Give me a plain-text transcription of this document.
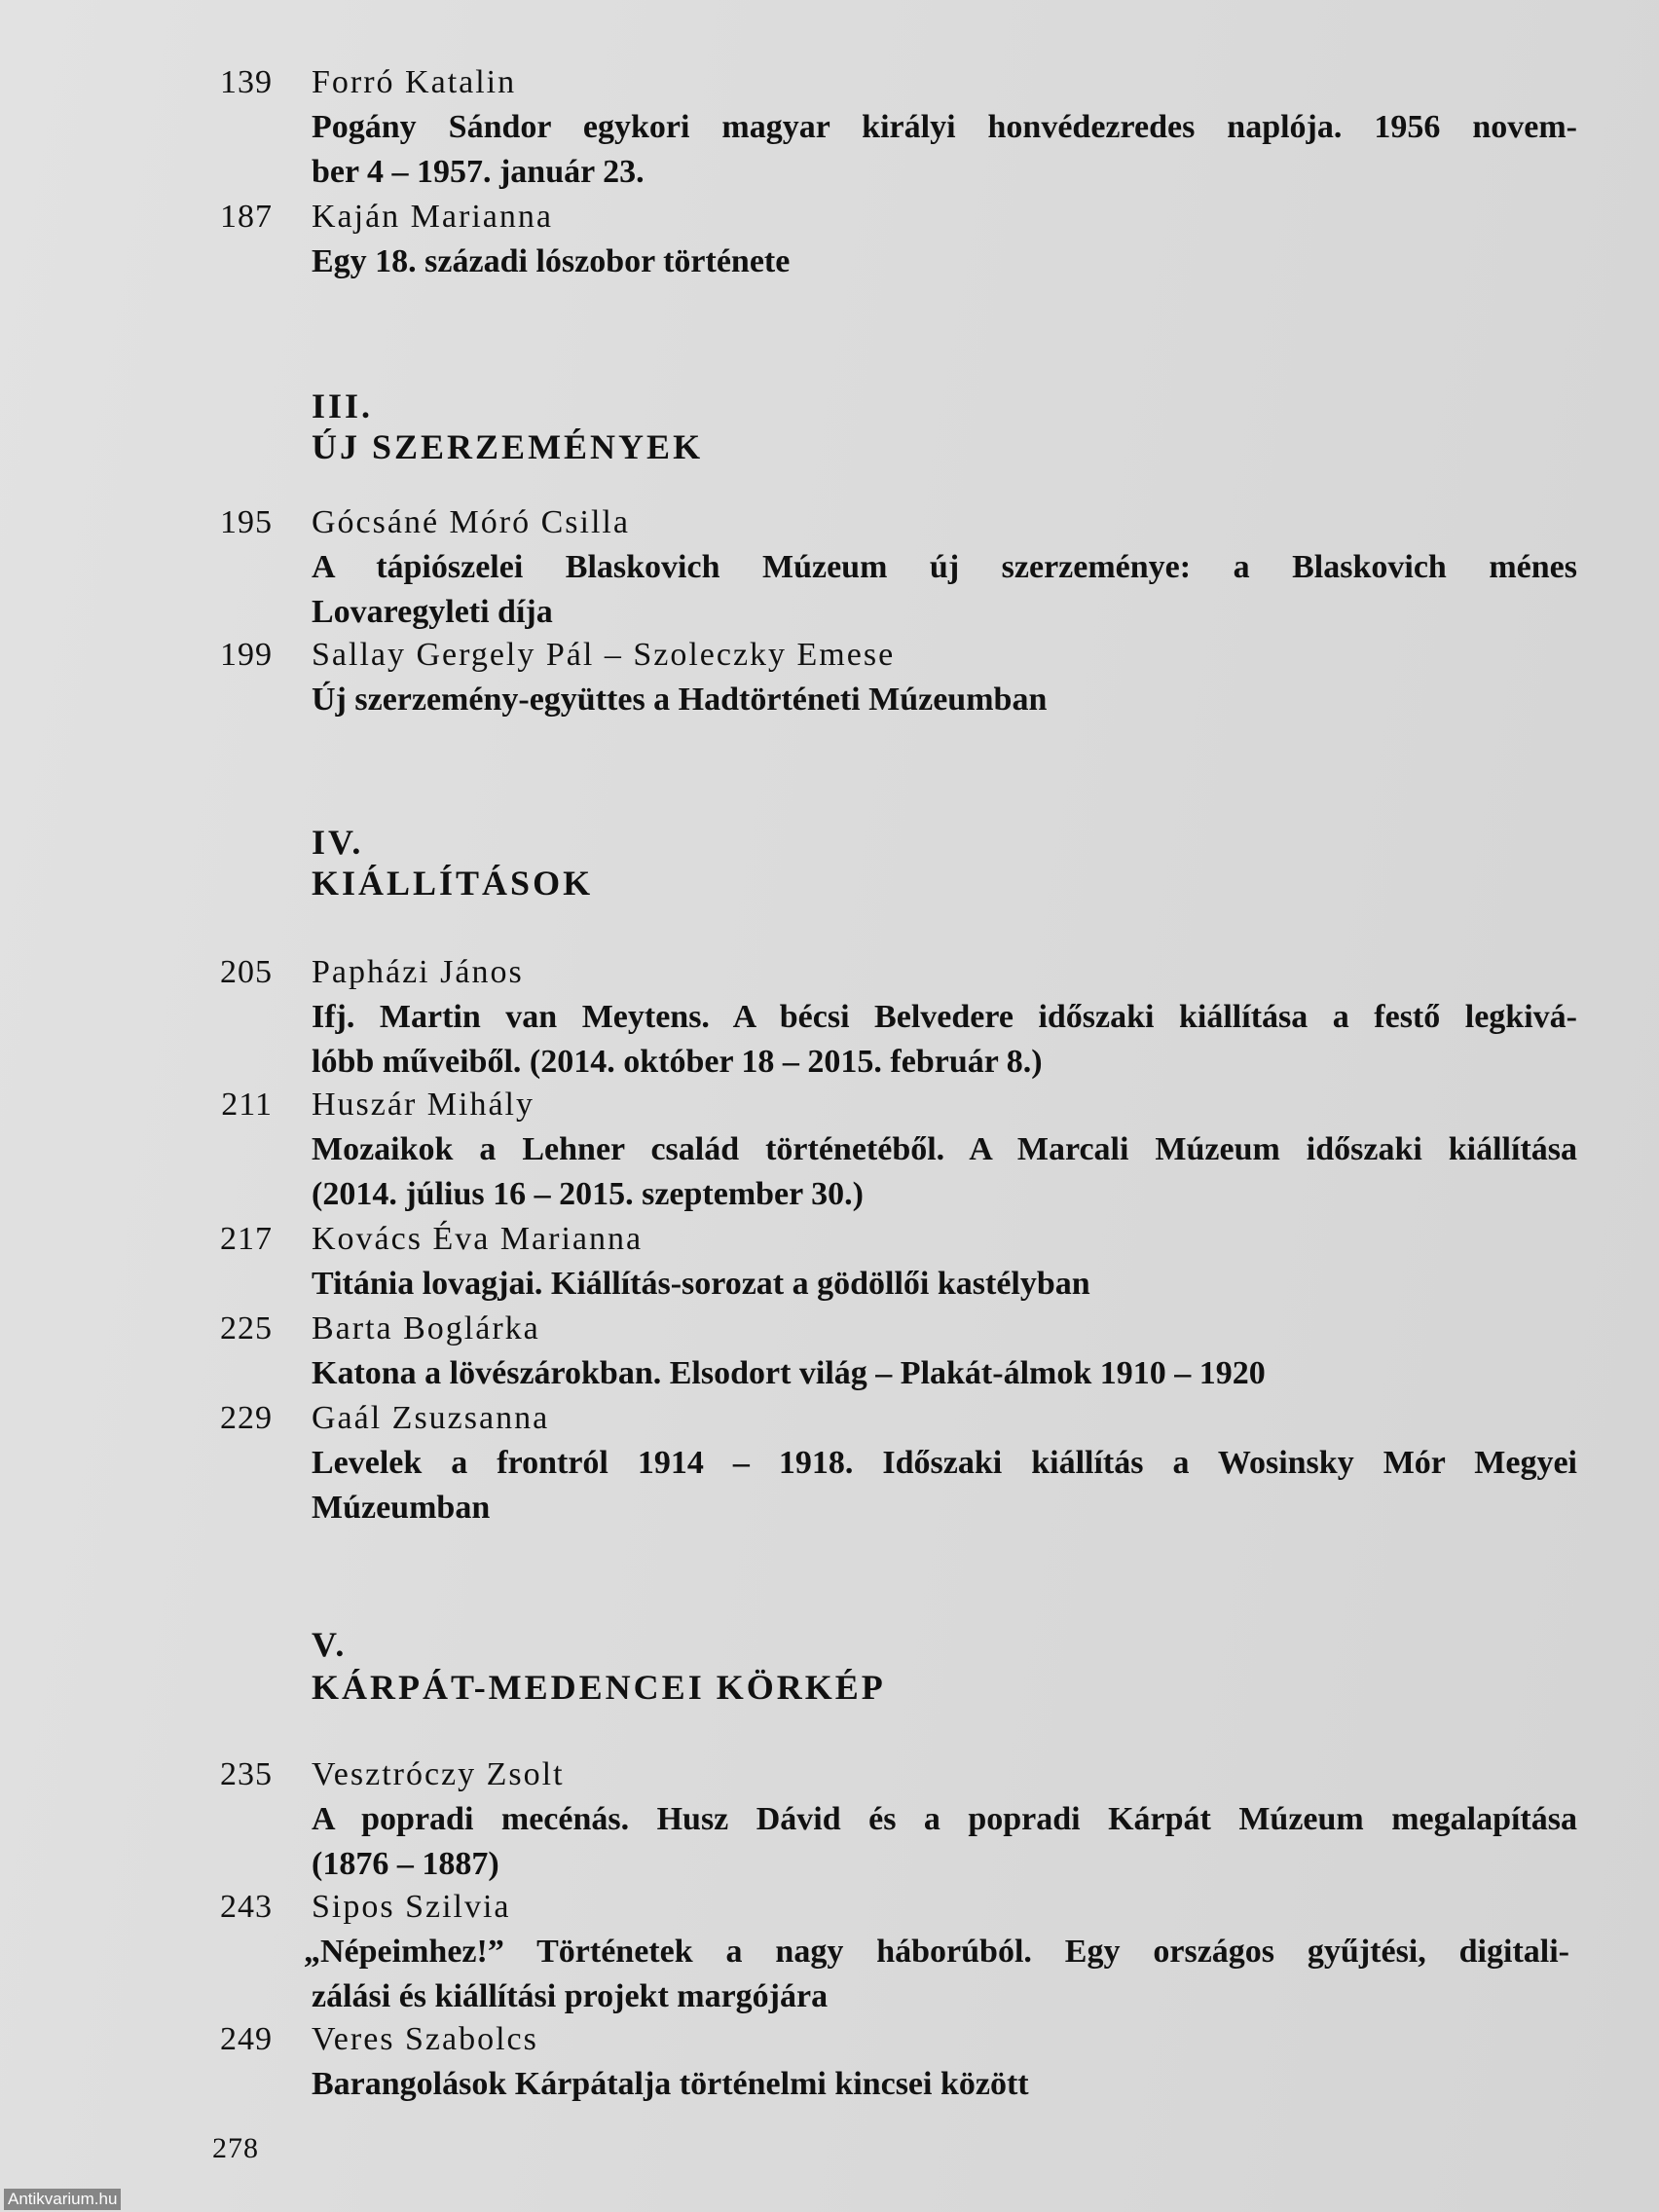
139 Forró Katalin
Pogány Sándor egykori magyar királyi honvédezredes naplója. 1956 novem-
ber 4 – 1957. január 23.
187 Kaján Marianna
Egy 18. századi lószobor története
III.
ÚJ SZERZEMÉNYEK
195 Gócsáné Móró Csilla
A tápiószelei Blaskovich Múzeum új szerzeménye: a Blaskovich ménes
Lovaregyleti díja
199 Sallay Gergely Pál – Szoleczky Emese
Új szerzemény-együttes a Hadtörténeti Múzeumban
IV.
KIÁLLÍTÁSOK
205 Papházi János
Ifj. Martin van Meytens. A bécsi Belvedere időszaki kiállítása a festő legkivá-
lóbb műveiből. (2014. október 18 – 2015. február 8.)
211 Huszár Mihály
Mozaikok a Lehner család történetéből. A Marcali Múzeum időszaki kiállítása
(2014. július 16 – 2015. szeptember 30.)
217 Kovács Éva Marianna
Titánia lovagjai. Kiállítás-sorozat a gödöllői kastélyban
225 Barta Boglárka
Katona a lövészárokban. Elsodort világ – Plakát-álmok 1910 – 1920
229 Gaál Zsuzsanna
Levelek a frontról 1914 – 1918. Időszaki kiállítás a Wosinsky Mór Megyei
Múzeumban
V.
KÁRPÁT-MEDENCEI KÖRKÉP
235 Vesztróczy Zsolt
A popradi mecénás. Husz Dávid és a popradi Kárpát Múzeum megalapítása
(1876 – 1887)
243 Sipos Szilvia
„Népeimhez!” Történetek a nagy háborúból. Egy országos gyűjtési, digitali-
zálási és kiállítási projekt margójára
249 Veres Szabolcs
Barangolások Kárpátalja történelmi kincsei között
278
Antikvarium.hu
